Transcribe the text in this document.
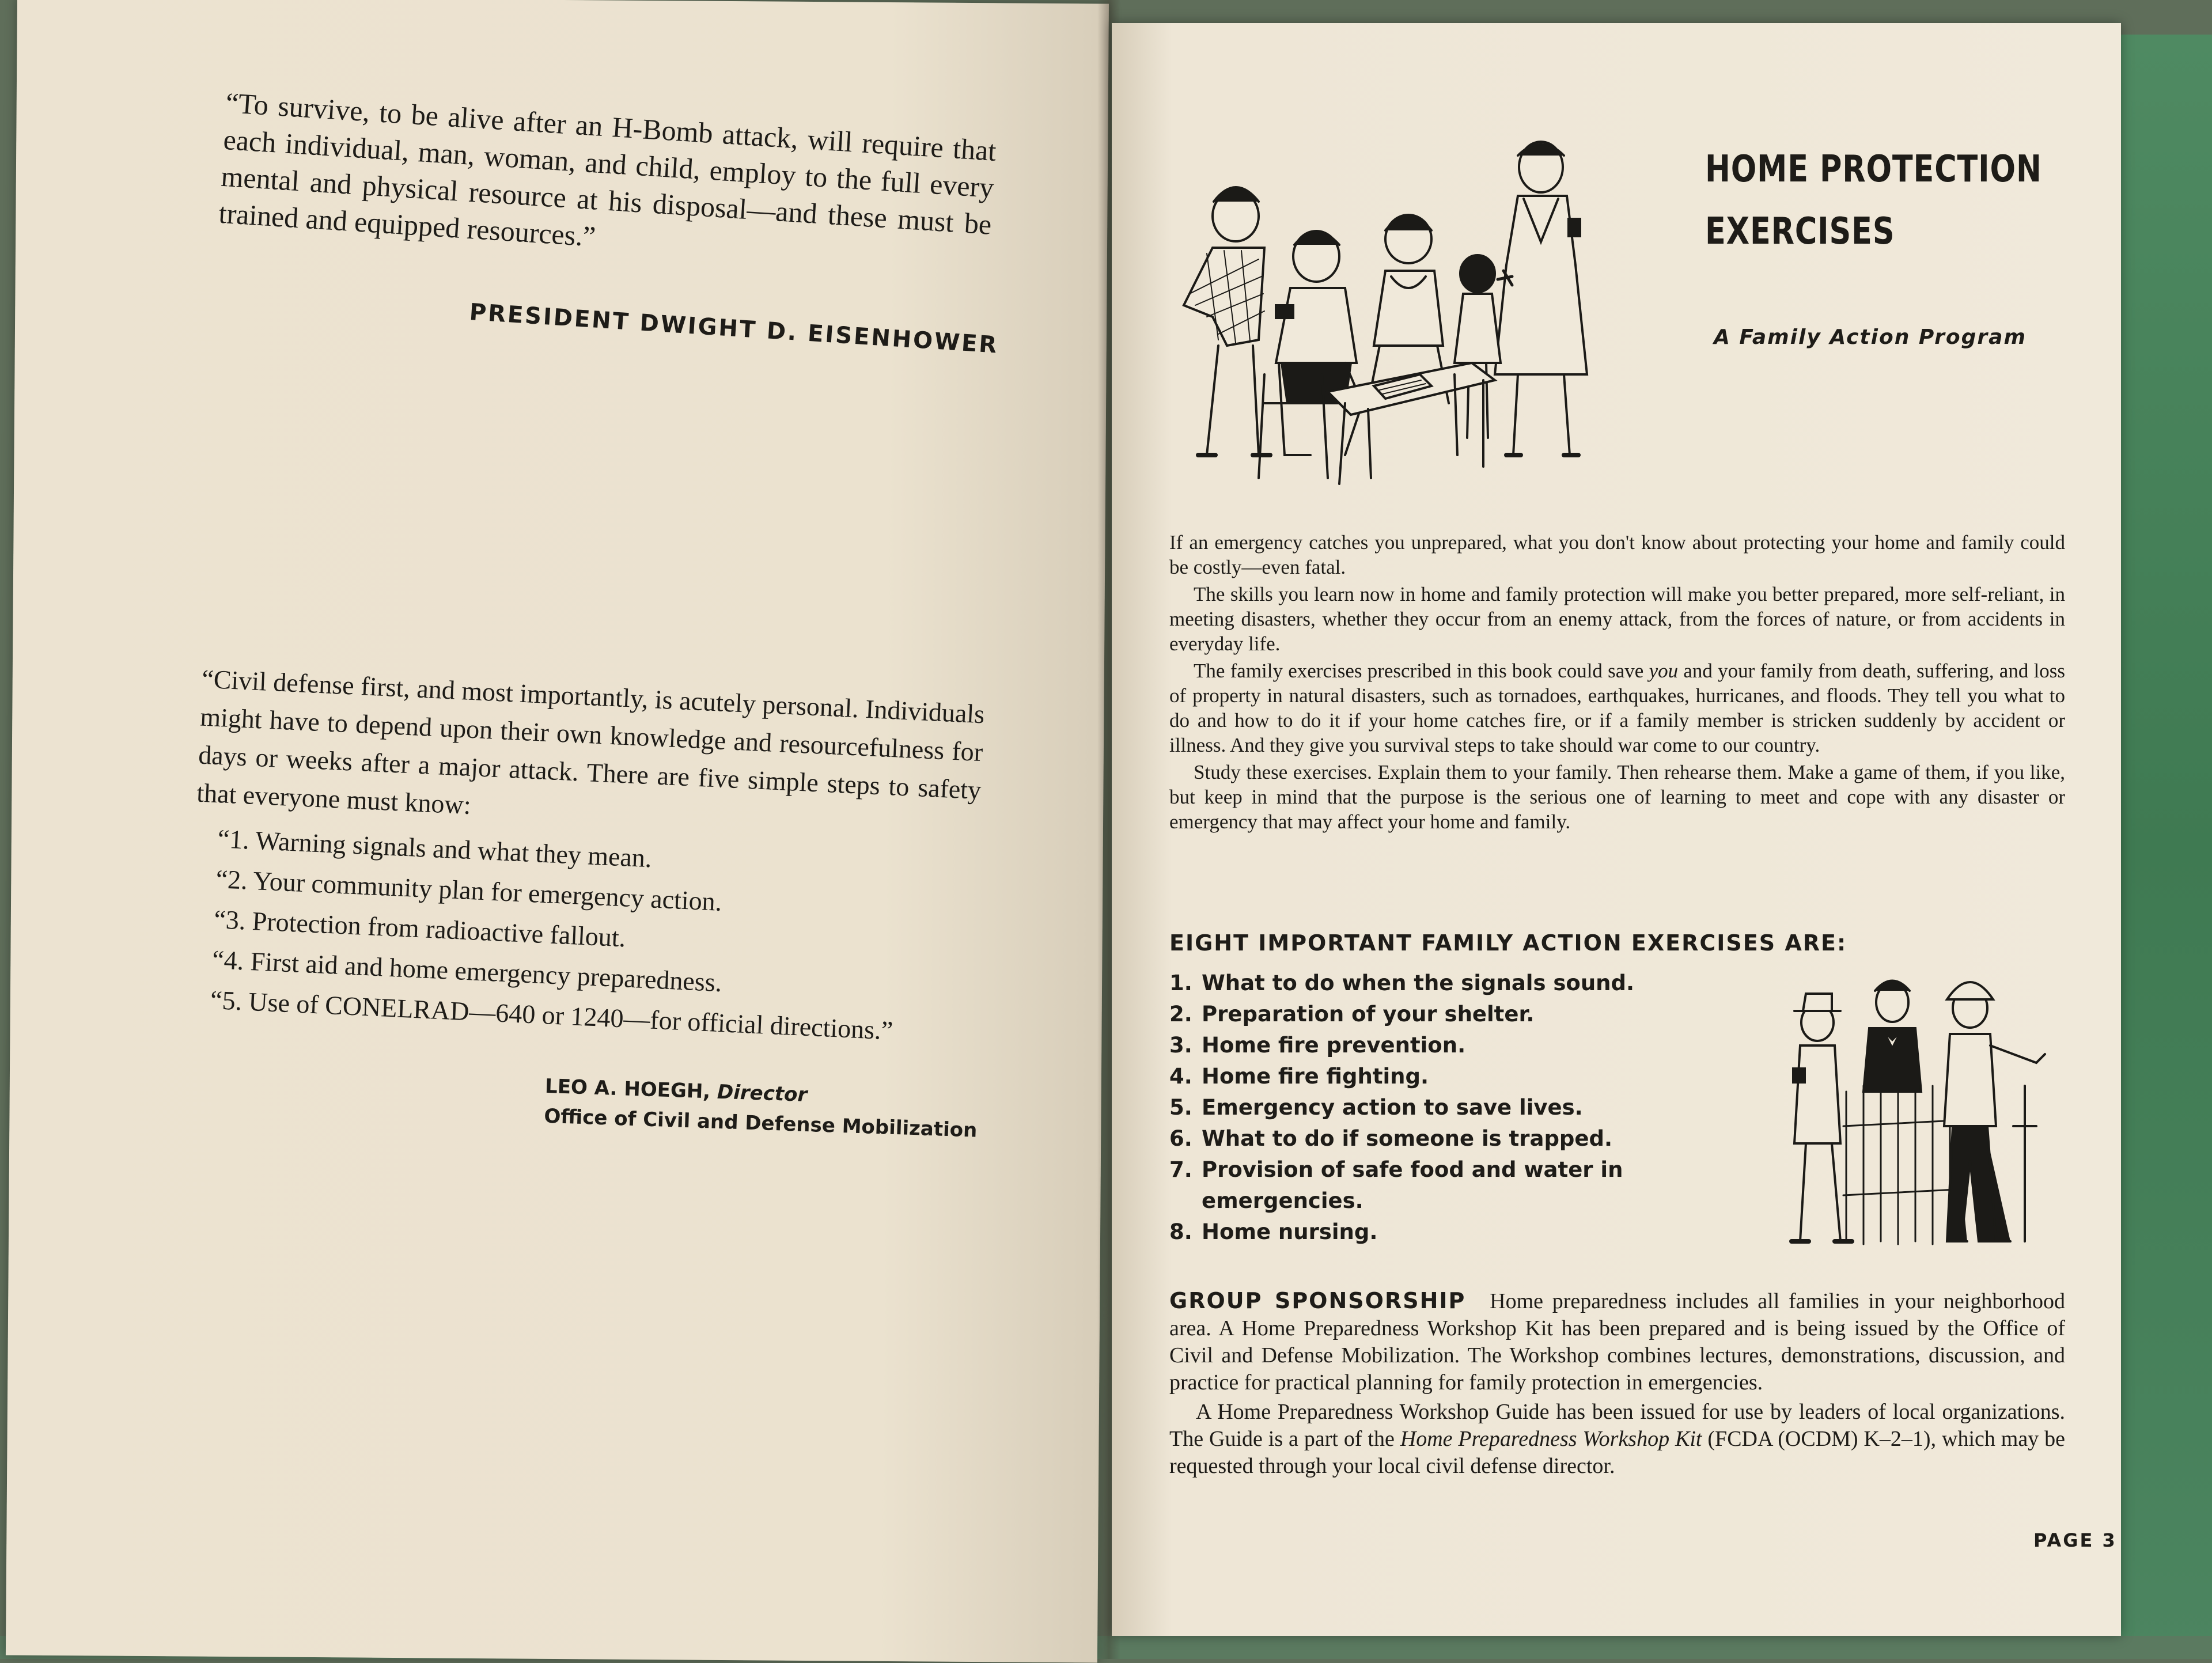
“To survive, to be alive after an H-Bomb attack, will require that each individual, man, woman, and child, employ to the full every mental and physical resource at his disposal—and these must be trained and equipped resources.”
PRESIDENT DWIGHT D. EISENHOWER

“Civil defense first, and most importantly, is acutely personal. Individuals might have to depend upon their own knowledge and resourcefulness for days or weeks after a major attack. There are five simple steps to safety that everyone must know:

“1. Warning signals and what they mean.
“2. Your community plan for emergency action.
“3. Protection from radioactive fallout.
“4. First aid and home emergency preparedness.
“5. Use of CONELRAD—640 or 1240—for official directions.”
LEO A. HOEGH, Director
Office of Civil and Defense Mobilization
HOME PROTECTION
EXERCISES
A Family Action Program

If an emergency catches you unprepared, what you don't know about protecting your home and family could be costly—even fatal.

The skills you learn now in home and family protection will make you better prepared, more self-reliant, in meeting disasters, whether they occur from an enemy attack, from the forces of nature, or from accidents in everyday life.

The family exercises prescribed in this book could save you and your family from death, suffering, and loss of property in natural disasters, such as tornadoes, earthquakes, hurricanes, and floods. They tell you what to do and how to do it if your home catches fire, or if a family member is stricken suddenly by accident or illness. And they give you survival steps to take should war come to our country.

Study these exercises. Explain them to your family. Then rehearse them. Make a game of them, if you like, but keep in mind that the purpose is the serious one of learning to meet and cope with any disaster or emergency that may affect your home and family.

EIGHT IMPORTANT FAMILY ACTION EXERCISES ARE:
1. What to do when the signals sound.
2. Preparation of your shelter.
3. Home fire prevention.
4. Home fire fighting.
5. Emergency action to save lives.
6. What to do if someone is trapped.
7. Provision of safe food and water in emergencies.
8. Home nursing.

GROUP SPONSORSHIP Home preparedness includes all families in your neighborhood area. A Home Preparedness Workshop Kit has been prepared and is being issued by the Office of Civil and Defense Mobilization. The Workshop combines lectures, demonstrations, discussion, and practice for practical planning for family protection in emergencies.

A Home Preparedness Workshop Guide has been issued for use by leaders of local organizations. The Guide is a part of the Home Preparedness Workshop Kit (FCDA (OCDM) K–2–1), which may be requested through your local civil defense director.

PAGE 3
